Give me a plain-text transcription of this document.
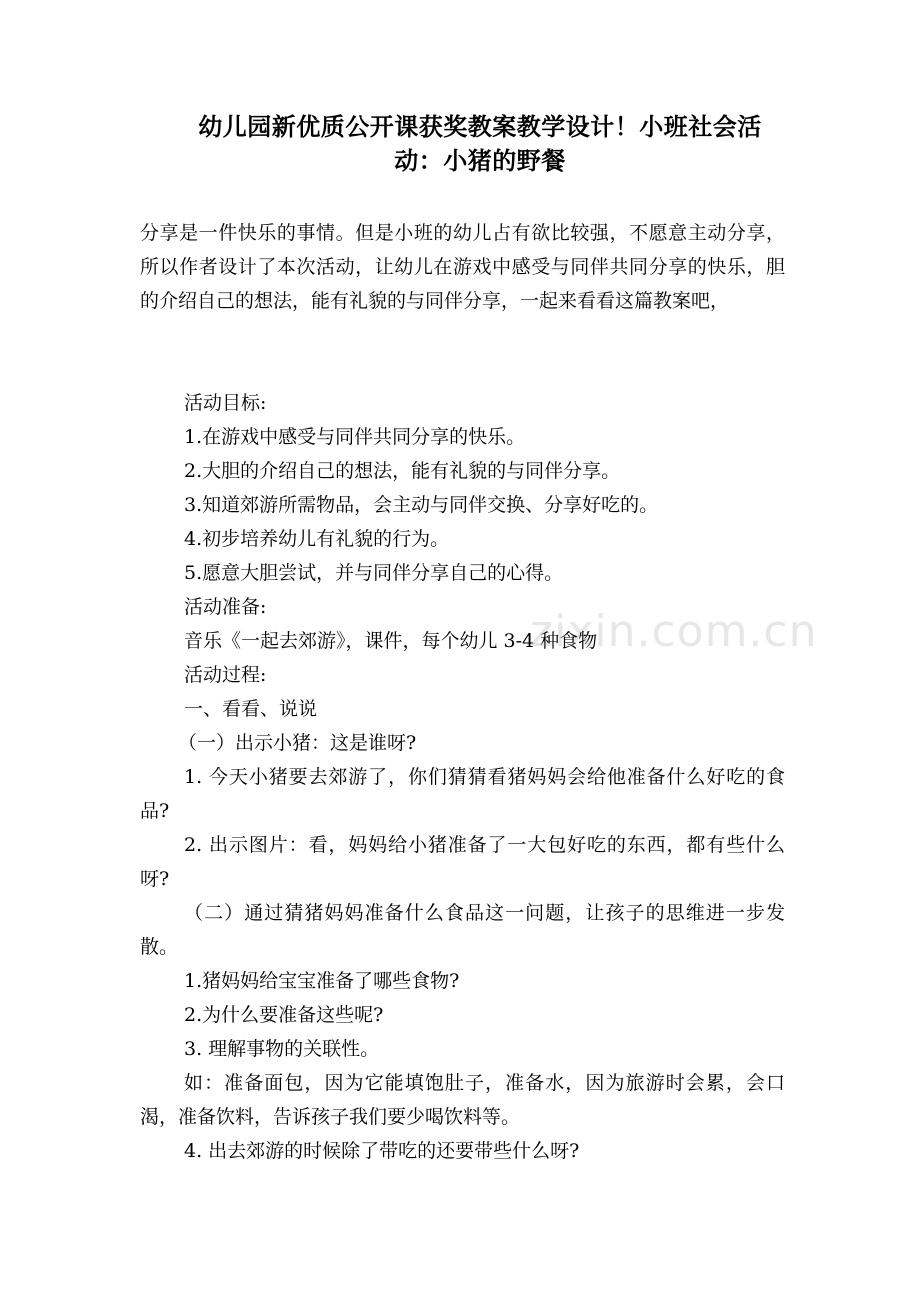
幼儿园新优质公开课获奖教案教学设计！小班社会活
动：小猪的野餐

分享是一件快乐的事情。但是小班的幼儿占有欲比较强，不愿意主动分享，所以作者设计了本次活动，让幼儿在游戏中感受与同伴共同分享的快乐，胆的介绍自己的想法，能有礼貌的与同伴分享，一起来看看这篇教案吧，

活动目标:

1.在游戏中感受与同伴共同分享的快乐。

2.大胆的介绍自己的想法，能有礼貌的与同伴分享。

3.知道郊游所需物品，会主动与同伴交换、分享好吃的。

4.初步培养幼儿有礼貌的行为。

5.愿意大胆尝试，并与同伴分享自己的心得。

活动准备:

音乐《一起去郊游》，课件，每个幼儿 3-4 种食物

活动过程:

一、看看、说说

（一）出示小猪：这是谁呀?

1. 今天小猪要去郊游了，你们猜猜看猪妈妈会给他准备什么好吃的食品?

2. 出示图片：看，妈妈给小猪准备了一大包好吃的东西，都有些什么呀?

（二）通过猜猪妈妈准备什么食品这一问题，让孩子的思维进一步发散。

1.猪妈妈给宝宝准备了哪些食物?

2.为什么要准备这些呢?

3. 理解事物的关联性。

如：准备面包，因为它能填饱肚子，准备水，因为旅游时会累，会口渴，准备饮料，告诉孩子我们要少喝饮料等。

4. 出去郊游的时候除了带吃的还要带些什么呀?

zixin.com.cn
